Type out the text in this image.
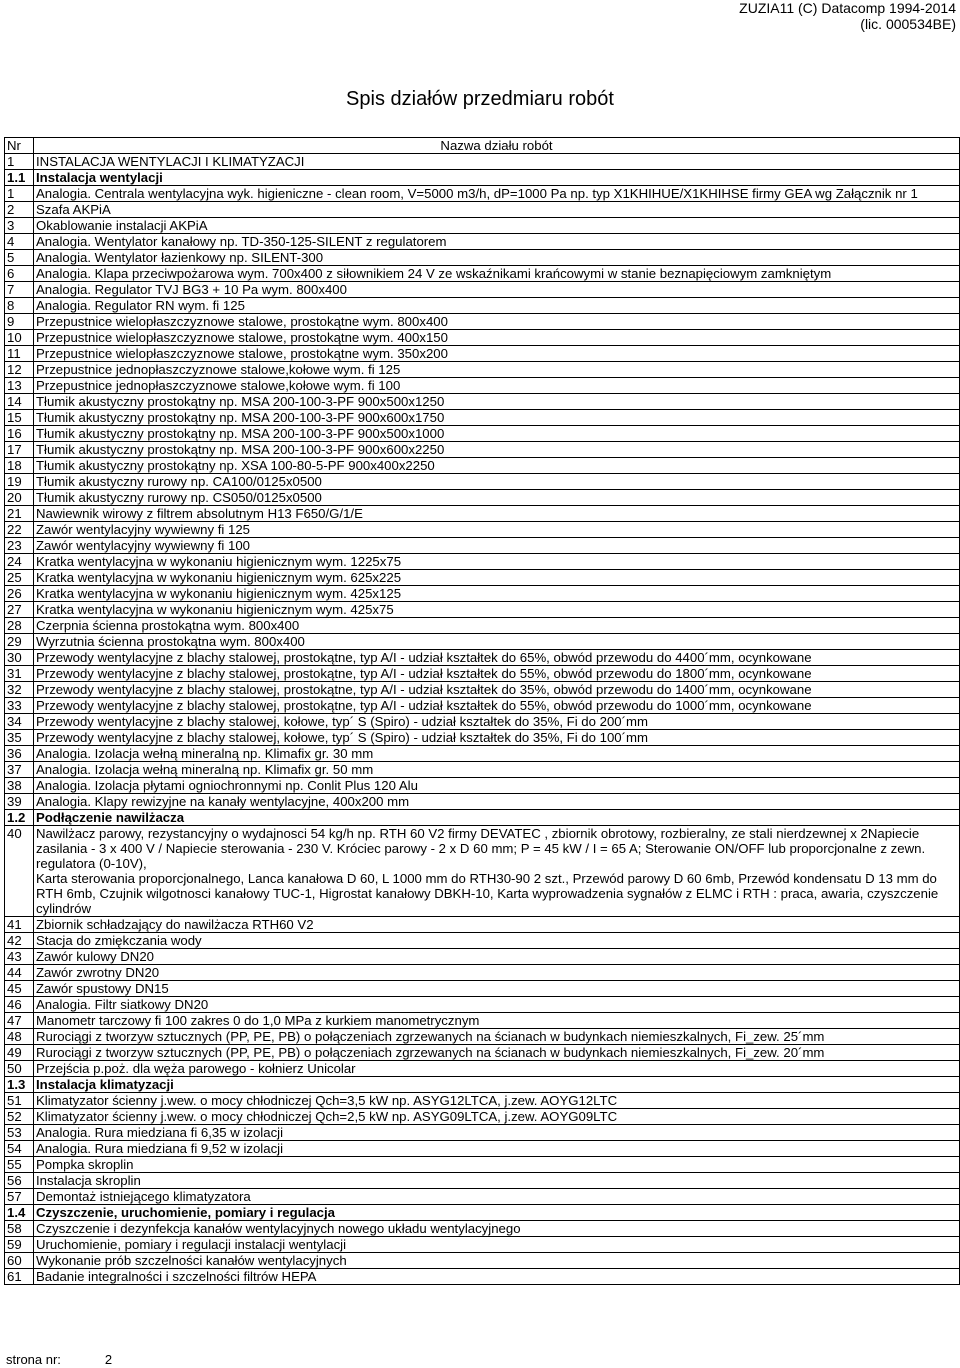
ZUZIA11 (C) Datacomp 1994-2014
(lic. 000534BE)
Spis działów przedmiaru robót
Nr	Nazwa działu robót
1	INSTALACJA WENTYLACJI I KLIMATYZACJI
1.1	Instalacja wentylacji
1	Analogia. Centrala wentylacyjna wyk. higieniczne - clean room, V=5000 m3/h, dP=1000 Pa np. typ X1KHIHUE/X1KHIHSE firmy GEA wg Załącznik nr 1
2	Szafa AKPiA
3	Okablowanie instalacji AKPiA
4	Analogia. Wentylator kanałowy np. TD-350-125-SILENT z regulatorem
5	Analogia. Wentylator łazienkowy np. SILENT-300
6	Analogia. Klapa przeciwpożarowa wym. 700x400 z siłownikiem 24 V ze wskaźnikami krańcowymi w stanie beznapięciowym zamkniętym
7	Analogia. Regulator TVJ BG3 + 10 Pa wym. 800x400
8	Analogia. Regulator RN wym. fi 125
9	Przepustnice wielopłaszczyznowe stalowe, prostokątne wym. 800x400
10	Przepustnice wielopłaszczyznowe stalowe, prostokątne wym. 400x150
11	Przepustnice wielopłaszczyznowe stalowe, prostokątne wym. 350x200
12	Przepustnice jednopłaszczyznowe stalowe,kołowe wym. fi 125
13	Przepustnice jednopłaszczyznowe stalowe,kołowe wym. fi 100
14	Tłumik akustyczny prostokątny np. MSA 200-100-3-PF 900x500x1250
15	Tłumik akustyczny prostokątny np. MSA 200-100-3-PF 900x600x1750
16	Tłumik akustyczny prostokątny np. MSA 200-100-3-PF 900x500x1000
17	Tłumik akustyczny prostokątny np. MSA 200-100-3-PF 900x600x2250
18	Tłumik akustyczny prostokątny np. XSA 100-80-5-PF 900x400x2250
19	Tłumik akustyczny rurowy np. CA100/0125x0500
20	Tłumik akustyczny rurowy np. CS050/0125x0500
21	Nawiewnik wirowy z filtrem absolutnym H13 F650/G/1/E
22	Zawór wentylacyjny wywiewny fi 125
23	Zawór wentylacyjny wywiewny fi 100
24	Kratka wentylacyjna w wykonaniu higienicznym wym. 1225x75
25	Kratka wentylacyjna w wykonaniu higienicznym wym. 625x225
26	Kratka wentylacyjna w wykonaniu higienicznym wym. 425x125
27	Kratka wentylacyjna w wykonaniu higienicznym wym. 425x75
28	Czerpnia ścienna prostokątna wym. 800x400
29	Wyrzutnia ścienna prostokątna wym. 800x400
30	Przewody wentylacyjne z blachy stalowej, prostokątne, typ A/I - udział kształtek do 65%, obwód przewodu do 4400´mm, ocynkowane
31	Przewody wentylacyjne z blachy stalowej, prostokątne, typ A/I - udział kształtek do 55%, obwód przewodu do 1800´mm, ocynkowane
32	Przewody wentylacyjne z blachy stalowej, prostokątne, typ A/I - udział kształtek do 35%, obwód przewodu do 1400´mm, ocynkowane
33	Przewody wentylacyjne z blachy stalowej, prostokątne, typ A/I - udział kształtek do 55%, obwód przewodu do 1000´mm, ocynkowane
34	Przewody wentylacyjne z blachy stalowej, kołowe, typ´ S (Spiro) - udział kształtek do 35%, Fi do 200´mm
35	Przewody wentylacyjne z blachy stalowej, kołowe, typ´ S (Spiro) - udział kształtek do 35%, Fi do 100´mm
36	Analogia. Izolacja wełną mineralną np. Klimafix gr. 30 mm
37	Analogia. Izolacja wełną mineralną np. Klimafix gr. 50 mm
38	Analogia. Izolacja płytami ogniochronnymi np. Conlit Plus 120 Alu
39	Analogia. Klapy rewizyjne na kanały wentylacyjne, 400x200 mm
1.2	Podłączenie nawilżacza
40	Nawilżacz parowy, rezystancyjny o wydajnosci 54 kg/h np. RTH 60 V2 firmy DEVATEC , zbiornik obrotowy, rozbieralny, ze stali nierdzewnej x 2Napiecie zasilania - 3 x 400 V / Napiecie sterowania - 230 V. Króciec parowy - 2 x D 60 mm; P = 45 kW / I = 65 A; Sterowanie ON/OFF lub proporcjonalne z zewn. regulatora (0-10V),
Karta sterowania proporcjonalnego, Lanca kanałowa D 60, L 1000 mm do RTH30-90 2 szt., Przewód parowy D 60 6mb, Przewód kondensatu D 13 mm do RTH 6mb, Czujnik wilgotnosci kanałowy TUC-1, Higrostat kanałowy DBKH-10, Karta wyprowadzenia sygnałów z ELMC i RTH : praca, awaria, czyszczenie cylindrów
41	Zbiornik schładzający do nawilżacza RTH60 V2
42	Stacja do zmiękczania wody
43	Zawór kulowy DN20
44	Zawór zwrotny DN20
45	Zawór spustowy DN15
46	Analogia. Filtr siatkowy DN20
47	Manometr tarczowy fi 100 zakres 0 do 1,0 MPa z kurkiem manometrycznym
48	Rurociągi z tworzyw sztucznych (PP, PE, PB) o połączeniach zgrzewanych na ścianach w budynkach niemieszkalnych, Fi_zew. 25´mm
49	Rurociągi z tworzyw sztucznych (PP, PE, PB) o połączeniach zgrzewanych na ścianach w budynkach niemieszkalnych, Fi_zew. 20´mm
50	Przejścia p.poż. dla węża parowego - kołnierz Unicolar
1.3	Instalacja klimatyzacji
51	Klimatyzator ścienny j.wew. o mocy chłodniczej Qch=3,5 kW np. ASYG12LTCA, j.zew. AOYG12LTC
52	Klimatyzator ścienny j.wew. o mocy chłodniczej Qch=2,5 kW np. ASYG09LTCA, j.zew. AOYG09LTC
53	Analogia. Rura miedziana fi 6,35 w izolacji
54	Analogia. Rura miedziana fi 9,52 w izolacji
55	Pompka skroplin
56	Instalacja skroplin
57	Demontaż istniejącego klimatyzatora
1.4	Czyszczenie, uruchomienie, pomiary i regulacja
58	Czyszczenie i dezynfekcja kanałów wentylacyjnych nowego układu wentylacyjnego
59	Uruchomienie, pomiary i regulacji instalacji wentylacji
60	Wykonanie prób szczelności kanałów wentylacyjnych
61	Badanie integralności i szczelności filtrów HEPA
strona nr:	2
